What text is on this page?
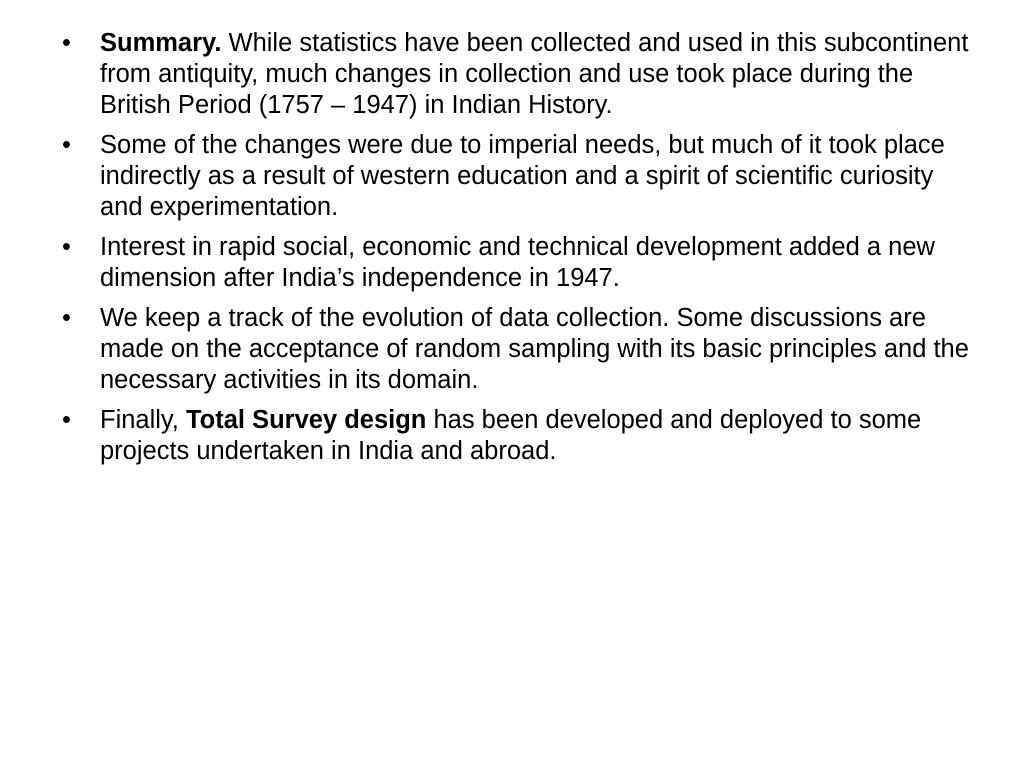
•	Summary. While statistics have been collected and used in this subcontinent from antiquity, much changes in collection and use took place during the British Period (1757 – 1947) in Indian History.
•	Some of the changes were due to imperial needs, but much of it took place indirectly as a result of western education and a spirit of scientific curiosity and experimentation.
•	Interest in rapid social, economic and technical development added a new dimension after India’s independence in 1947.
•	We keep a track of the evolution of data collection. Some discussions are made on the acceptance of random sampling with its basic principles and the necessary activities in its domain.
•	Finally, Total Survey design has been developed and deployed to some projects undertaken in India and abroad.
